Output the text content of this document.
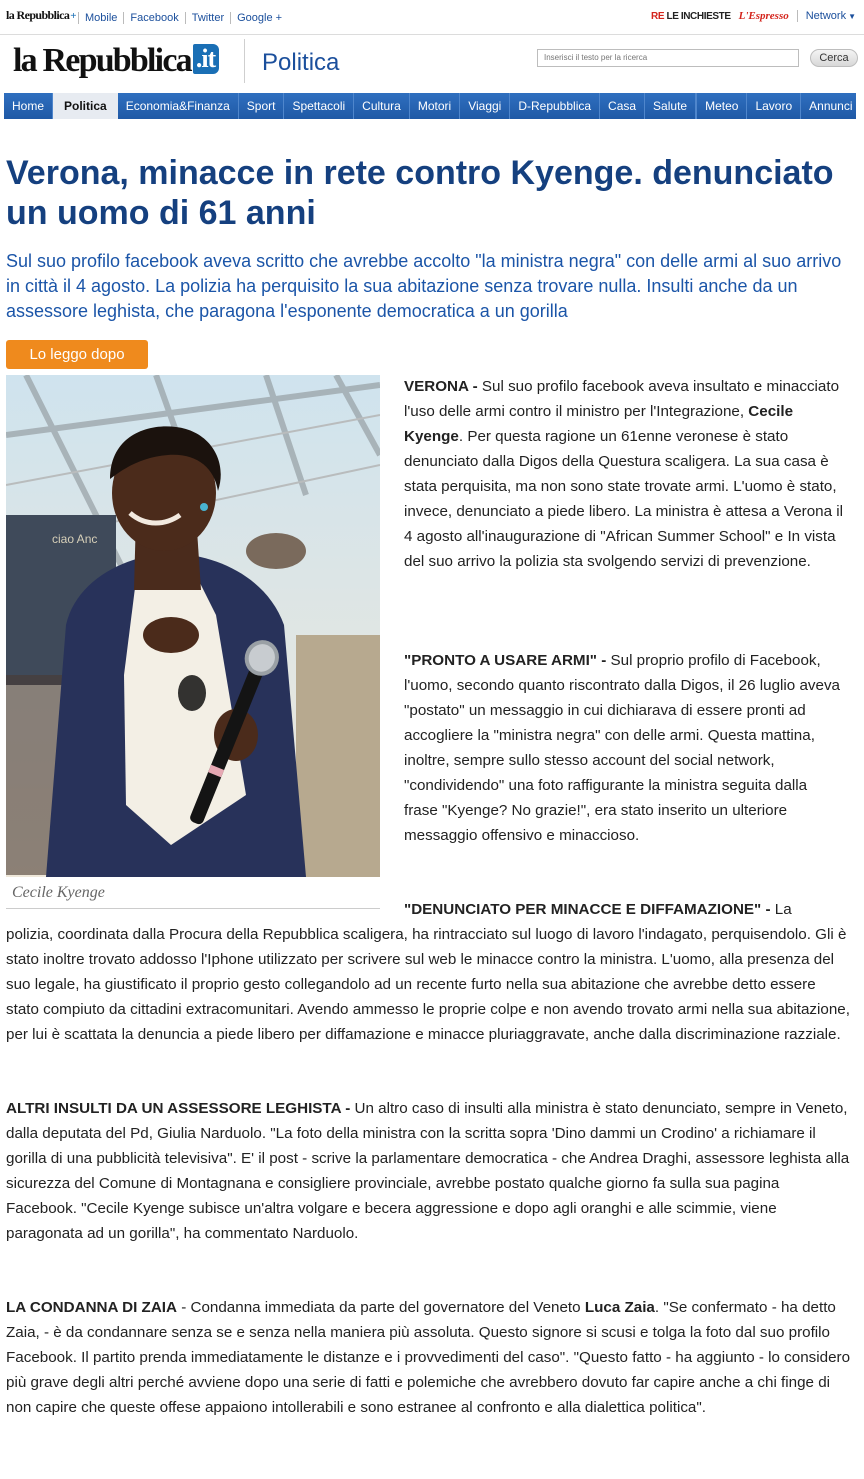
la Repubblica+ Mobile	Facebook	Twitter	Google +	RE LE INCHIESTE L'Espresso	Network ▼
la Repubblica .it Politica
Inserisci il testo per la ricerca	Cerca
Home	Politica	Economia&Finanza	Sport	Spettacoli	Cultura	Motori	Viaggi	D-Repubblica	Casa	Salute	Meteo	Lavoro	Annunci
Verona, minacce in rete contro Kyenge. denunciato un uomo di 61 anni

Sul suo profilo facebook aveva scritto che avrebbe accolto "la ministra negra" con delle armi al suo arrivo in città il 4 agosto. La polizia ha perquisito la sua abitazione senza trovare nulla. Insulti anche da un assessore leghista, che paragona l'esponente democratica a un gorilla

Lo leggo dopo
ciao Anc
Cecile Kyenge

VERONA - Sul suo profilo facebook aveva insultato e minacciato l'uso delle armi contro il ministro per l'Integrazione, Cecile Kyenge. Per questa ragione un 61enne veronese è stato denunciato dalla Digos della Questura scaligera. La sua casa è stata perquisita, ma non sono state trovate armi. L'uomo è stato, invece, denunciato a piede libero. La ministra è attesa a Verona il 4 agosto all'inaugurazione di "African Summer School" e In vista del suo arrivo la polizia sta svolgendo servizi di prevenzione.

"PRONTO A USARE ARMI" - Sul proprio profilo di Facebook, l'uomo, secondo quanto riscontrato dalla Digos, il 26 luglio aveva "postato" un messaggio in cui dichiarava di essere pronti ad accogliere la "ministra negra" con delle armi. Questa mattina, inoltre, sempre sullo stesso account del social network, "condividendo" una foto raffigurante la ministra seguita dalla frase "Kyenge? No grazie!", era stato inserito un ulteriore messaggio offensivo e minaccioso.

"DENUNCIATO PER MINACCE E DIFFAMAZIONE" - La

polizia, coordinata dalla Procura della Repubblica scaligera, ha rintracciato sul luogo di lavoro l'indagato, perquisendolo. Gli è stato inoltre trovato addosso l'Iphone utilizzato per scrivere sul web le minacce contro la ministra. L'uomo, alla presenza del suo legale, ha giustificato il proprio gesto collegandolo ad un recente furto nella sua abitazione che avrebbe detto essere stato compiuto da cittadini extracomunitari. Avendo ammesso le proprie colpe e non avendo trovato armi nella sua abitazione, per lui è scattata la denuncia a piede libero per diffamazione e minacce pluriaggravate, anche dalla discriminazione razziale.

ALTRI INSULTI DA UN ASSESSORE LEGHISTA - Un altro caso di insulti alla ministra è stato denunciato, sempre in Veneto, dalla deputata del Pd, Giulia Narduolo. "La foto della ministra con la scritta sopra 'Dino dammi un Crodino' a richiamare il gorilla di una pubblicità televisiva". E' il post - scrive la parlamentare democratica - che Andrea Draghi, assessore leghista alla sicurezza del Comune di Montagnana e consigliere provinciale, avrebbe postato qualche giorno fa sulla sua pagina Facebook. "Cecile Kyenge subisce un'altra volgare e becera aggressione e dopo agli oranghi e alle scimmie, viene paragonata ad un gorilla", ha commentato Narduolo.

LA CONDANNA DI ZAIA - Condanna immediata da parte del governatore del Veneto Luca Zaia. "Se confermato - ha detto Zaia, - è da condannare senza se e senza nella maniera più assoluta. Questo signore si scusi e tolga la foto dal suo profilo Facebook. Il partito prenda immediatamente le distanze e i provvedimenti del caso". "Questo fatto - ha aggiunto - lo considero più grave degli altri perché avviene dopo una serie di fatti e polemiche che avrebbero dovuto far capire anche a chi finge di non capire che queste offese appaiono intollerabili e sono estranee al confronto e alla dialettica politica".
